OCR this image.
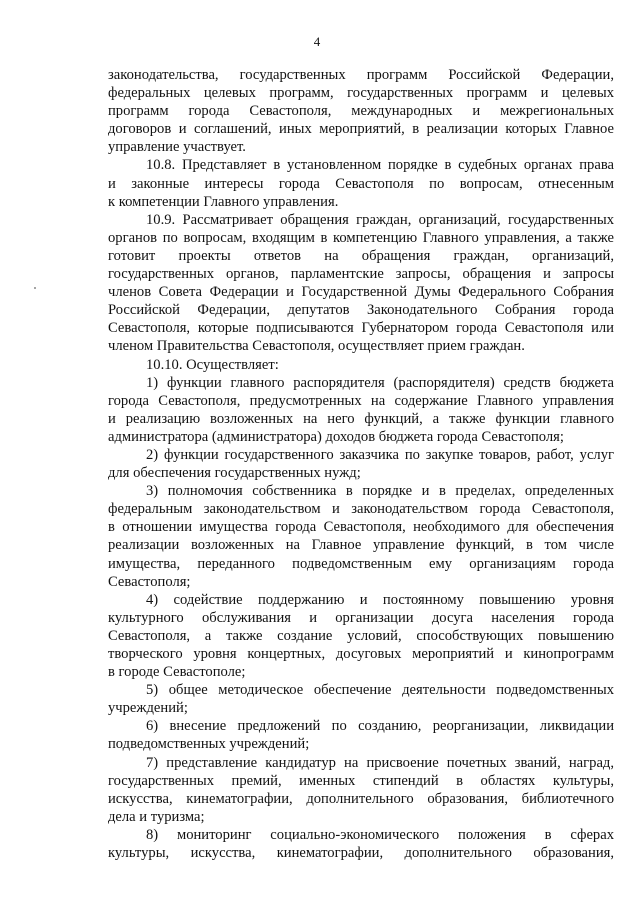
4
законодательства, государственных программ Российской Федерации,
федеральных целевых программ, государственных программ и целевых
программ города Севастополя, международных и межрегиональных
договоров и соглашений, иных мероприятий, в реализации которых Главное
управление участвует.
10.8. Представляет в установленном порядке в судебных органах права
и законные интересы города Севастополя по вопросам, отнесенным
к компетенции Главного управления.
10.9. Рассматривает обращения граждан, организаций, государственных
органов по вопросам, входящим в компетенцию Главного управления, а также
готовит проекты ответов на обращения граждан, организаций,
государственных органов, парламентские запросы, обращения и запросы
членов Совета Федерации и Государственной Думы Федерального Собрания
Российской Федерации, депутатов Законодательного Собрания города
Севастополя, которые подписываются Губернатором города Севастополя или
членом Правительства Севастополя, осуществляет прием граждан.
10.10. Осуществляет:
1) функции главного распорядителя (распорядителя) средств бюджета
города Севастополя, предусмотренных на содержание Главного управления
и реализацию возложенных на него функций, а также функции главного
администратора (администратора) доходов бюджета города Севастополя;
2) функции государственного заказчика по закупке товаров, работ, услуг
для обеспечения государственных нужд;
3) полномочия собственника в порядке и в пределах, определенных
федеральным законодательством и законодательством города Севастополя,
в отношении имущества города Севастополя, необходимого для обеспечения
реализации возложенных на Главное управление функций, в том числе
имущества, переданного подведомственным ему организациям города
Севастополя;
4) содействие поддержанию и постоянному повышению уровня
культурного обслуживания и организации досуга населения города
Севастополя, а также создание условий, способствующих повышению
творческого уровня концертных, досуговых мероприятий и кинопрограмм
в городе Севастополе;
5) общее методическое обеспечение деятельности подведомственных
учреждений;
6) внесение предложений по созданию, реорганизации, ликвидации
подведомственных учреждений;
7) представление кандидатур на присвоение почетных званий, наград,
государственных премий, именных стипендий в областях культуры,
искусства, кинематографии, дополнительного образования, библиотечного
дела и туризма;
8) мониторинг социально-экономического положения в сферах
культуры, искусства, кинематографии, дополнительного образования,
